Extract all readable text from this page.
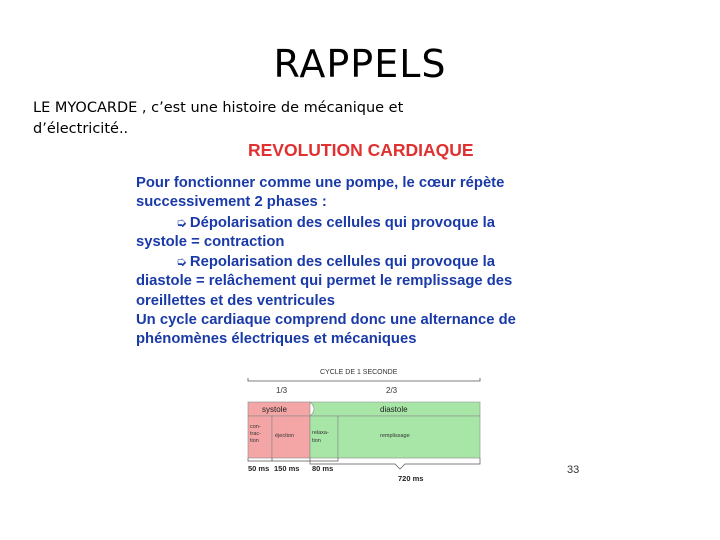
RAPPELS
LE MYOCARDE , c’est une histoire de mécanique et d’électricité..
REVOLUTION CARDIAQUE
Pour fonctionner comme une pompe, le cœur répète
successivement 2 phases :
➭ Dépolarisation des cellules qui provoque la
systole = contraction
➭ Repolarisation des cellules qui provoque la
diastole = relâchement qui permet le remplissage des
oreillettes et des ventricules
Un cycle cardiaque comprend donc une alternance de
phénomènes électriques et mécaniques
CYCLE DE 1 SECONDE
1/3	2/3
systole	diastole
con-
trac-
tion
éjection	relaxa-
tion
remplissage
50 ms 150 ms 80 ms
720 ms
33
